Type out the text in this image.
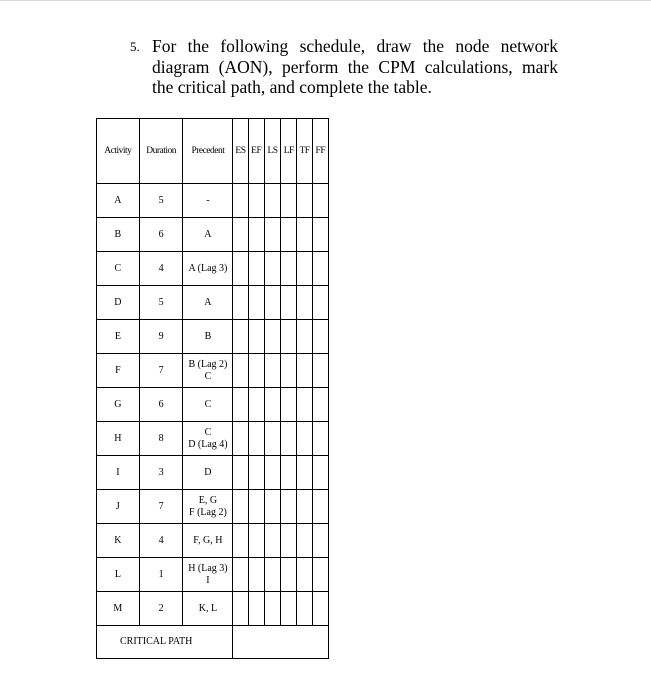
5. For the following schedule, draw the node network
diagram (AON), perform the CPM calculations, mark
the critical path, and complete the table.
Activity	Duration	Precedent	ES	EF	LS	LF	TF	FF
A	5	-						

B	6	A						

C	4	A (Lag 3)						

D	5	A						

E	9	B						

F	7	B (Lag 2)
C						

G	6	C						

H	8	C
D (Lag 4)						

I	3	D						

J	7	E, G
F (Lag 2)						

K	4	F, G, H						

L	1	H (Lag 3)
I						

M	2	K, L						

CRITICAL PATH								
